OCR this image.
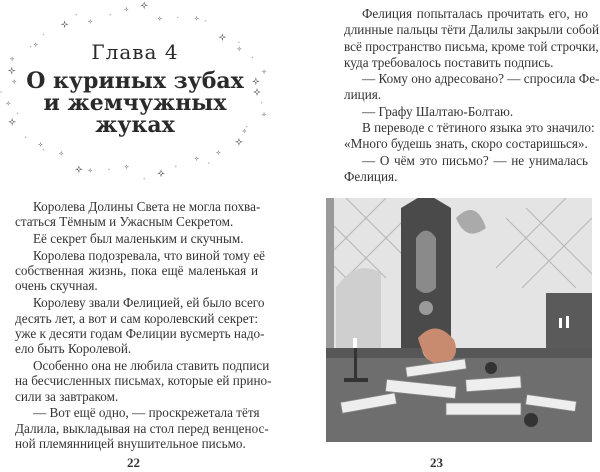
Глава 4
О куриных зубах
и жемчужных
жуках
Королева Долины Света не могла похва-
статься Тёмным и Ужасным Секретом.
Её секрет был маленьким и скучным.
Королева подозревала, что виной тому её
собственная жизнь, пока ещё маленькая и
очень скучная.
Королеву звали Фелицией, ей было всего
десять лет, а вот и сам королевский секрет:
уже к десяти годам Фелиции вусмерть надо-
ело быть Королевой.
Особенно она не любила ставить подписи
на бесчисленных письмах, которые ей прино-
сили за завтраком.
— Вот ещё одно, — проскрежетала тётя
Далила, выкладывая на стол перед венценос-
ной племянницей внушительное письмо.
22
Фелиция попыталась прочитать его, но
длинные пальцы тёти Далилы закрыли собой
всё пространство письма, кроме той строчки,
куда требовалось поставить подпись.
— Кому оно адресовано? — спросила Фе-
лиция.
— Графу Шалтаю-Болтаю.
В переводе с тётиного языка это значило:
«Много будешь знать, скоро состаришься».
— О чём это письмо? — не унималась
Фелиция.
23
